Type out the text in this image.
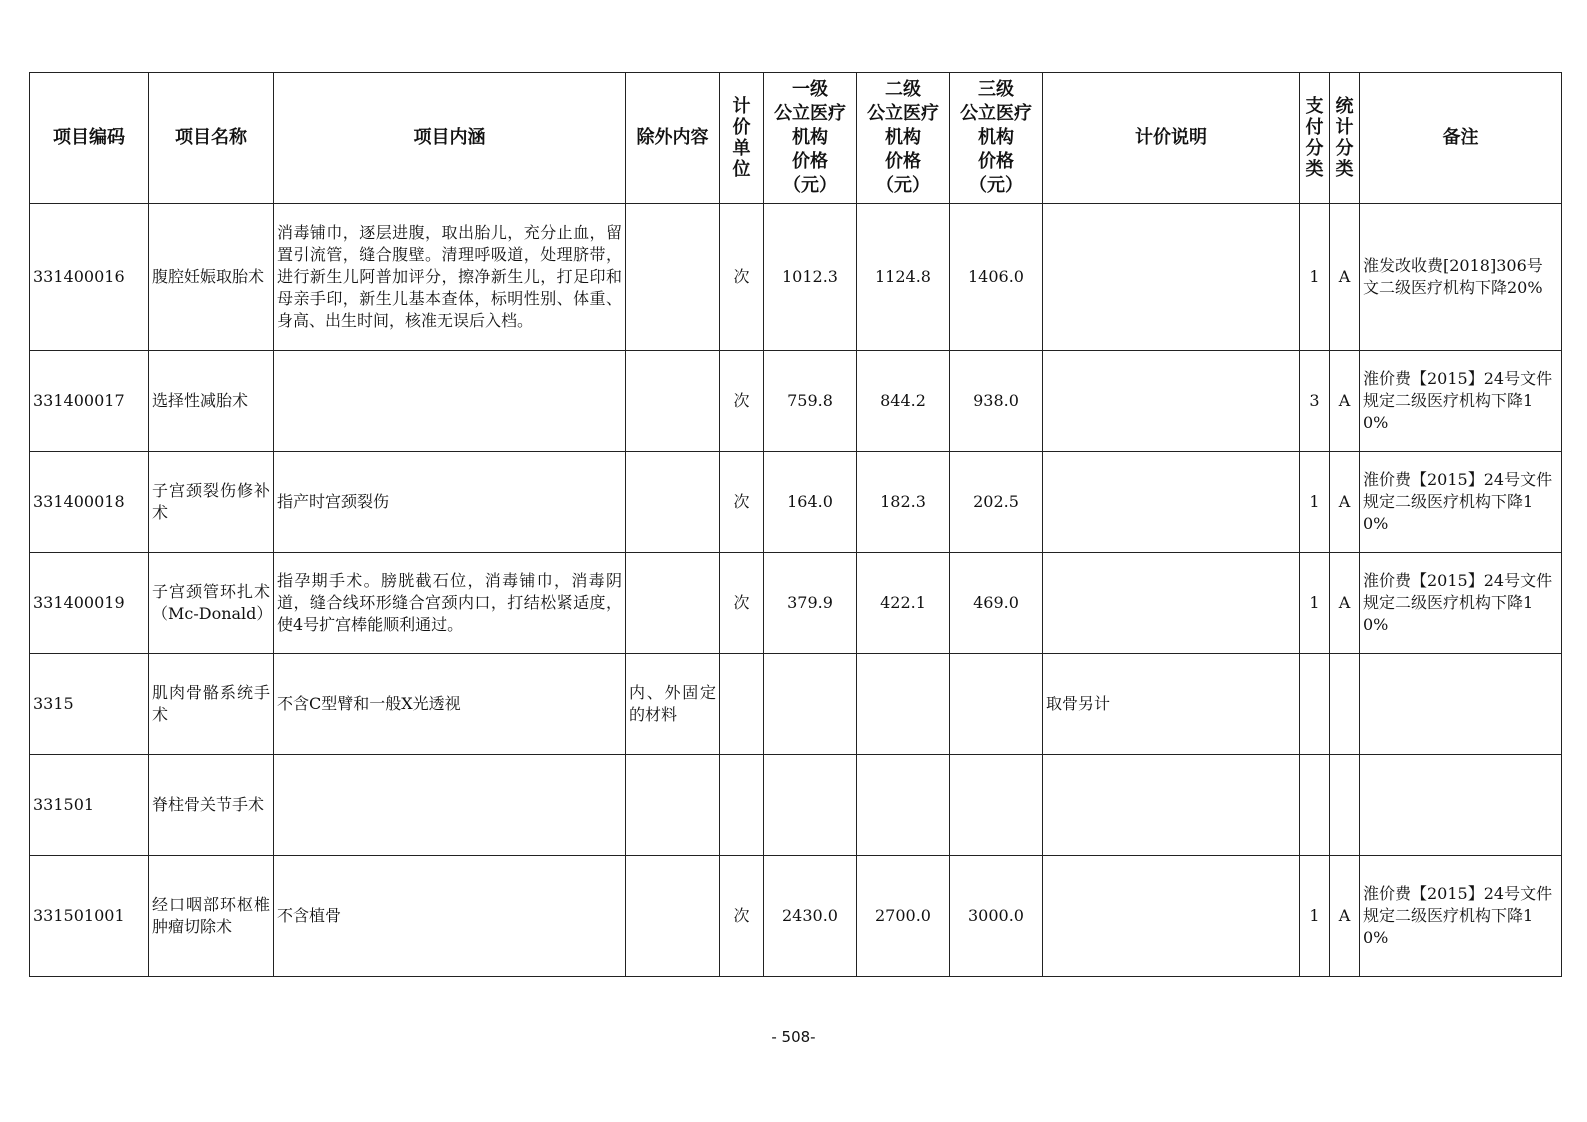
项目编码	项目名称	项目内涵	除外内容	计
价
单
位	一级
公立医疗
机构
价格
（元）	二级
公立医疗
机构
价格
（元）	三级
公立医疗
机构
价格
（元）	计价说明	支
付
分
类	统
计
分
类	备注
331400016	腹腔妊娠取胎术	消毒铺巾，逐层进腹，取出胎儿，充分止血，留置引流管，缝合腹壁。清理呼吸道，处理脐带，进行新生儿阿普加评分，擦净新生儿，打足印和母亲手印，新生儿基本查体，标明性别、体重、身高、出生时间，核准无误后入档。		次	1012.3	1124.8	1406.0		1	A	淮发改收费[2018]306号文二级医疗机构下降20%
331400017	选择性减胎术			次	759.8	844.2	938.0		3	A	淮价费【2015】24号文件规定二级医疗机构下降10%
331400018	子宫颈裂伤修补术	指产时宫颈裂伤		次	164.0	182.3	202.5		1	A	淮价费【2015】24号文件规定二级医疗机构下降10%
331400019	子宫颈管环扎术（Mc-Donald）	指孕期手术。膀胱截石位，消毒铺巾，消毒阴道，缝合线环形缝合宫颈内口，打结松紧适度，使4号扩宫棒能顺利通过。		次	379.9	422.1	469.0		1	A	淮价费【2015】24号文件规定二级医疗机构下降10%
3315	肌肉骨骼系统手术	不含C型臂和一般X光透视	内、外固定的材料					取骨另计			
331501	脊柱骨关节手术										
331501001	经口咽部环枢椎肿瘤切除术	不含植骨		次	2430.0	2700.0	3000.0		1	A	淮价费【2015】24号文件规定二级医疗机构下降10%
- 508-
